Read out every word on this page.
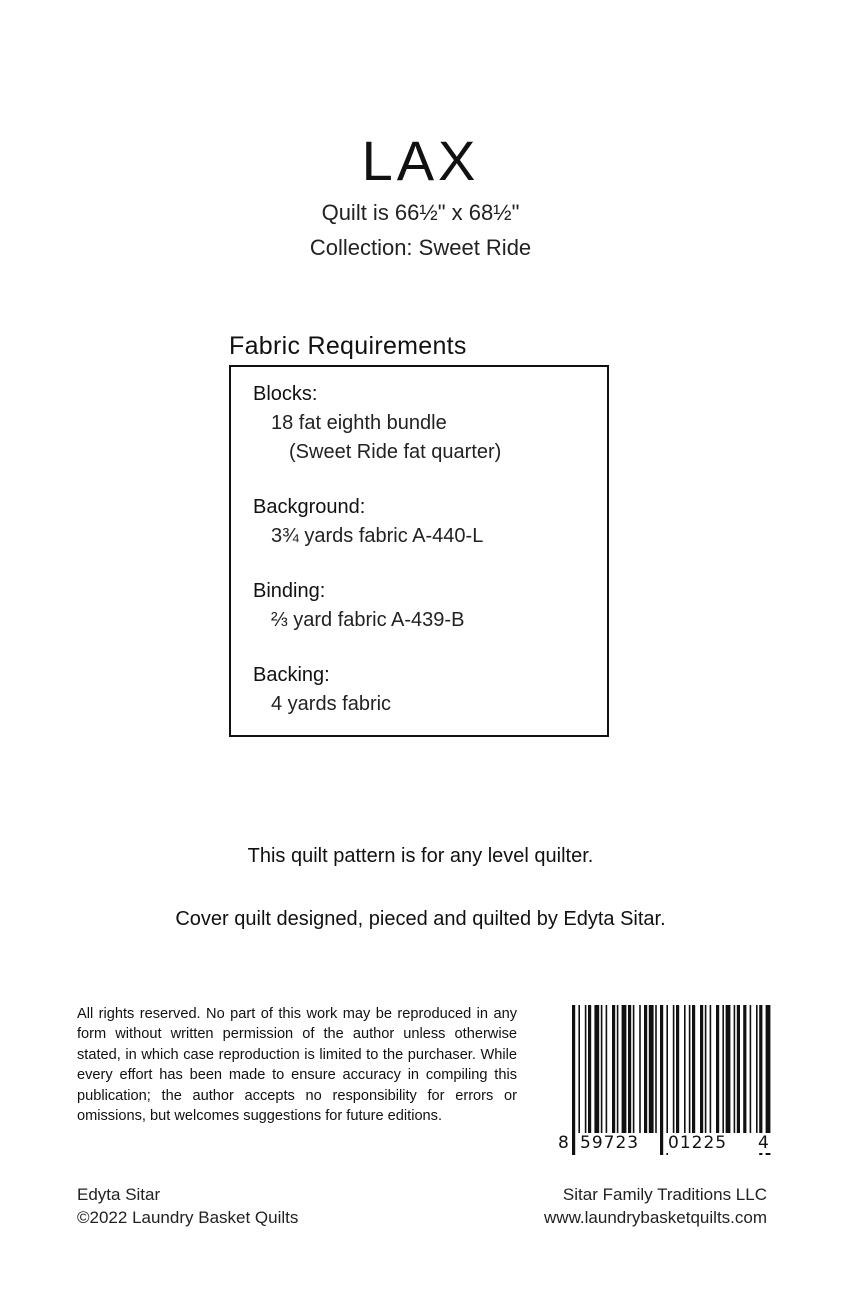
LAX
Quilt is 66½" x 68½"
Collection: Sweet Ride
Fabric Requirements
Blocks:
18 fat eighth bundle
(Sweet Ride fat quarter)
Background:
3¾ yards fabric A-440-L
Binding:
⅔ yard fabric A-439-B
Backing:
4 yards fabric
This quilt pattern is for any level quilter.
Cover quilt designed, pieced and quilted by Edyta Sitar.
All rights reserved. No part of this work may be reproduced in any form without written permission of the author unless otherwise stated, in which case reproduction is limited to the purchaser. While every effort has been made to ensure accuracy in compiling this publication; the author accepts no responsibility for errors or omissions, but welcomes suggestions for future editions.
8 59723 01225 4
Edyta Sitar
©2022 Laundry Basket Quilts
Sitar Family Traditions LLC
www.laundrybasketquilts.com
